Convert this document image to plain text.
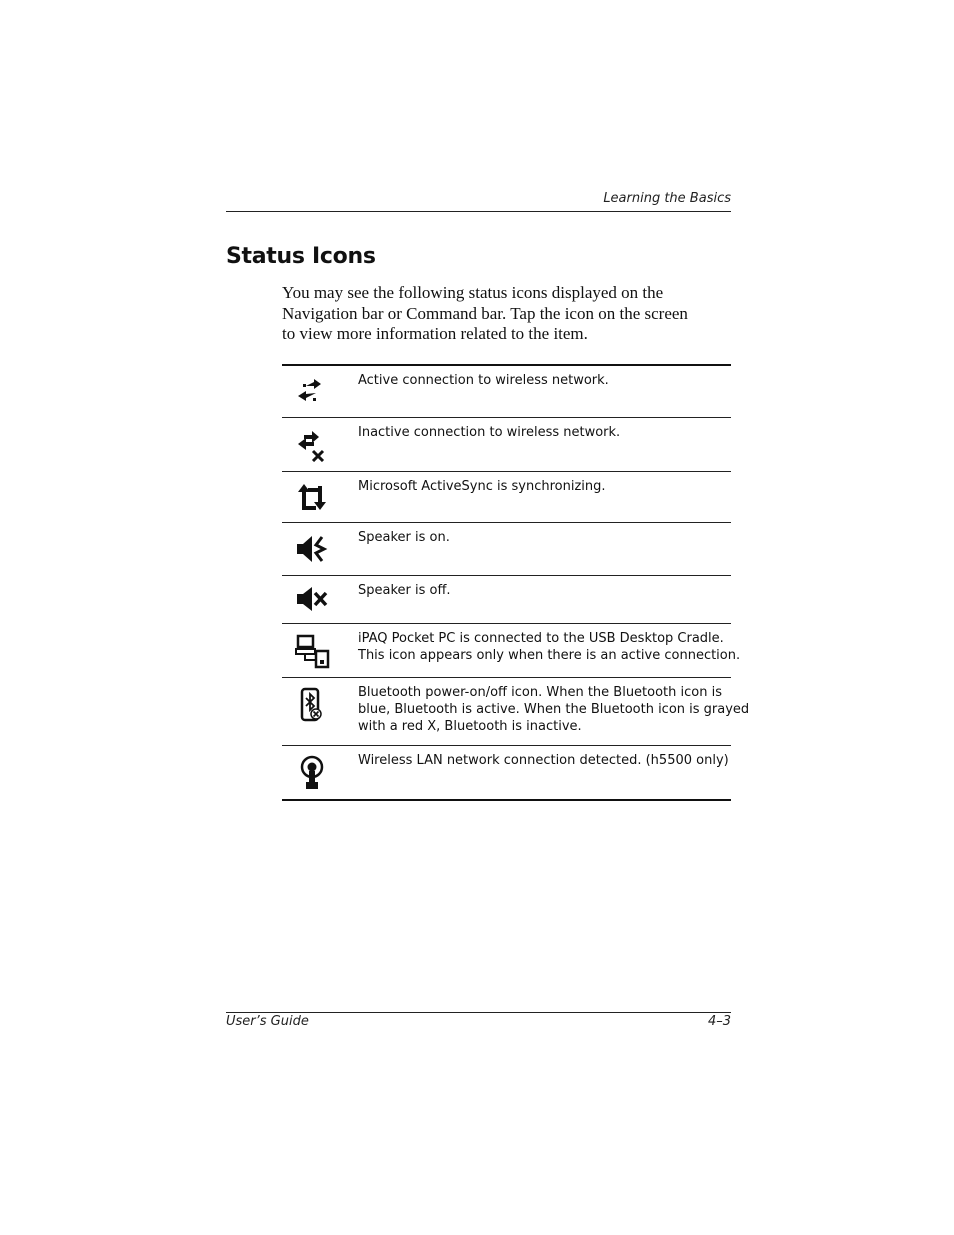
Learning the Basics
Status Icons

You may see the following status icons displayed on the
Navigation bar or Command bar. Tap the icon on the screen
to view more information related to the item.

Active connection to wireless network.
Inactive connection to wireless network.
Microsoft ActiveSync is synchronizing.
Speaker is on.
Speaker is off.
iPAQ Pocket PC is connected to the USB Desktop Cradle.
This icon appears only when there is an active connection.
Bluetooth power-on/off icon. When the Bluetooth icon is
blue, Bluetooth is active. When the Bluetooth icon is grayed
with a red X, Bluetooth is inactive.
Wireless LAN network connection detected. (h5500 only)
User’s Guide	4–3
